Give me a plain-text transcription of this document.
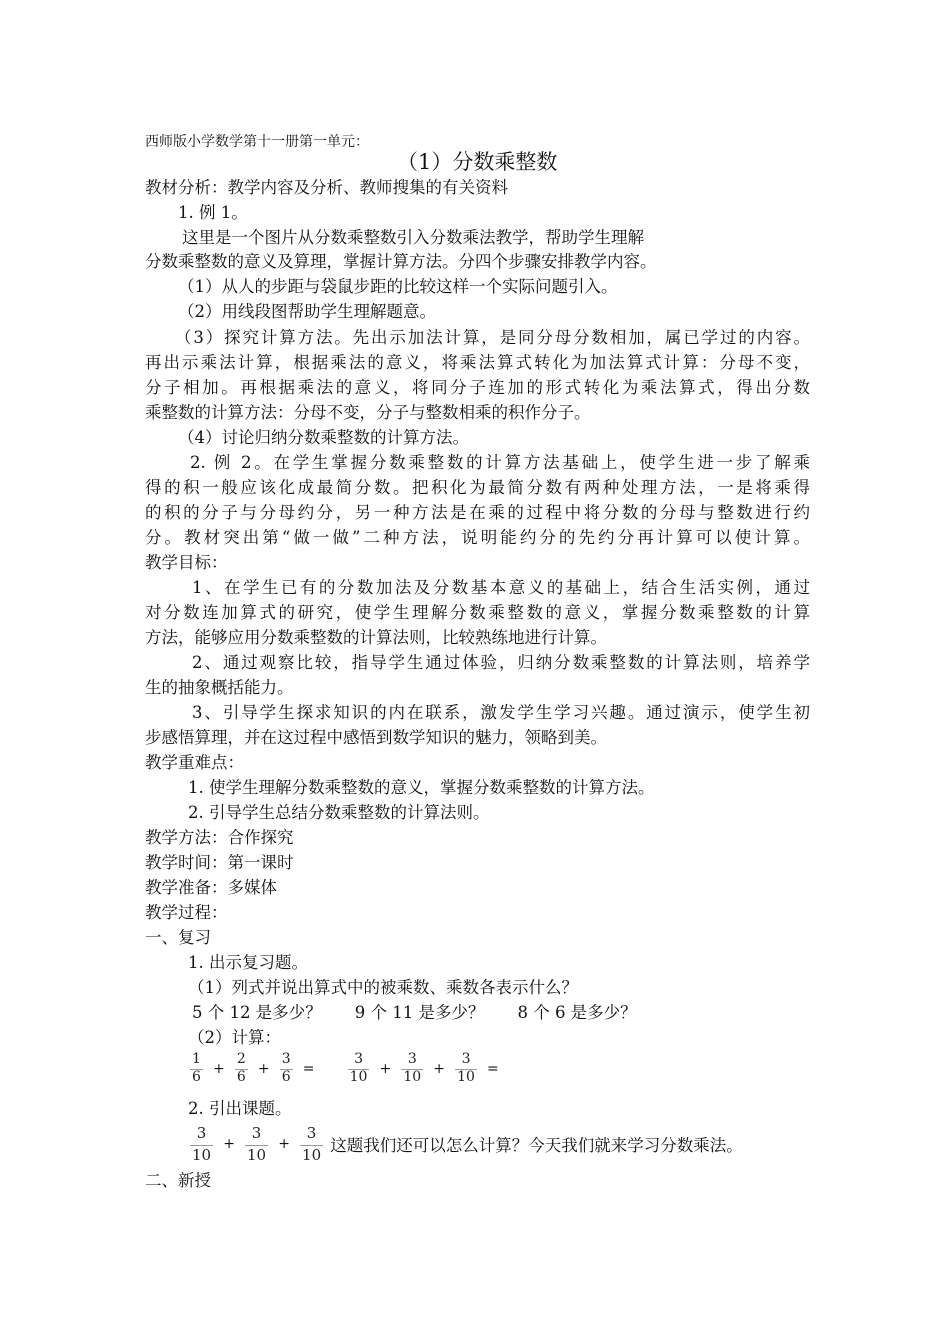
西师版小学数学第十一册第一单元：
（1）分数乘整数
教材分析：教学内容及分析、教师搜集的有关资料
1. 例 1。
这里是一个图片从分数乘整数引入分数乘法教学，帮助学生理解
分数乘整数的意义及算理，掌握计算方法。分四个步骤安排教学内容。
（1）从人的步距与袋鼠步距的比较这样一个实际问题引入。
（2）用线段图帮助学生理解题意。
（3）探究计算方法。先出示加法计算，是同分母分数相加，属已学过的内容。
再出示乘法计算，根据乘法的意义，将乘法算式转化为加法算式计算：分母不变，
分子相加。再根据乘法的意义，将同分子连加的形式转化为乘法算式，得出分数
乘整数的计算方法：分母不变，分子与整数相乘的积作分子。
（4）讨论归纳分数乘整数的计算方法。
2. 例 2。在学生掌握分数乘整数的计算方法基础上，使学生进一步了解乘
得的积一般应该化成最简分数。把积化为最简分数有两种处理方法，一是将乘得
的积的分子与分母约分，另一种方法是在乘的过程中将分数的分母与整数进行约
分。教材突出第“做一做”二种方法，说明能约分的先约分再计算可以使计算。
教学目标：
1、在学生已有的分数加法及分数基本意义的基础上，结合生活实例，通过
对分数连加算式的研究，使学生理解分数乘整数的意义，掌握分数乘整数的计算
方法，能够应用分数乘整数的计算法则，比较熟练地进行计算。
2、通过观察比较，指导学生通过体验，归纳分数乘整数的计算法则，培养学
生的抽象概括能力。
3、引导学生探求知识的内在联系，激发学生学习兴趣。通过演示，使学生初
步感悟算理，并在这过程中感悟到数学知识的魅力，领略到美。
教学重难点：
1. 使学生理解分数乘整数的意义，掌握分数乘整数的计算方法。
2. 引导学生总结分数乘整数的计算法则。
教学方法：合作探究
教学时间：第一课时
教学准备：多媒体
教学过程：
一、复习
1. 出示复习题。
（1）列式并说出算式中的被乘数、乘数各表示什么？
5 个 12 是多少？　　9 个 11 是多少？　　8 个 6 是多少？
（2）计算：
$\frac{1}{6} + \frac{2}{6} + \frac{3}{6} = \frac{3}{10} + \frac{3}{10} + \frac{3}{10}$ =
2. 引出课题。
$\frac{3}{10} + \frac{3}{10} + \frac{3}{10}$ 这题我们还可以怎么计算？今天我们就来学习分数乘法。
二、新授
